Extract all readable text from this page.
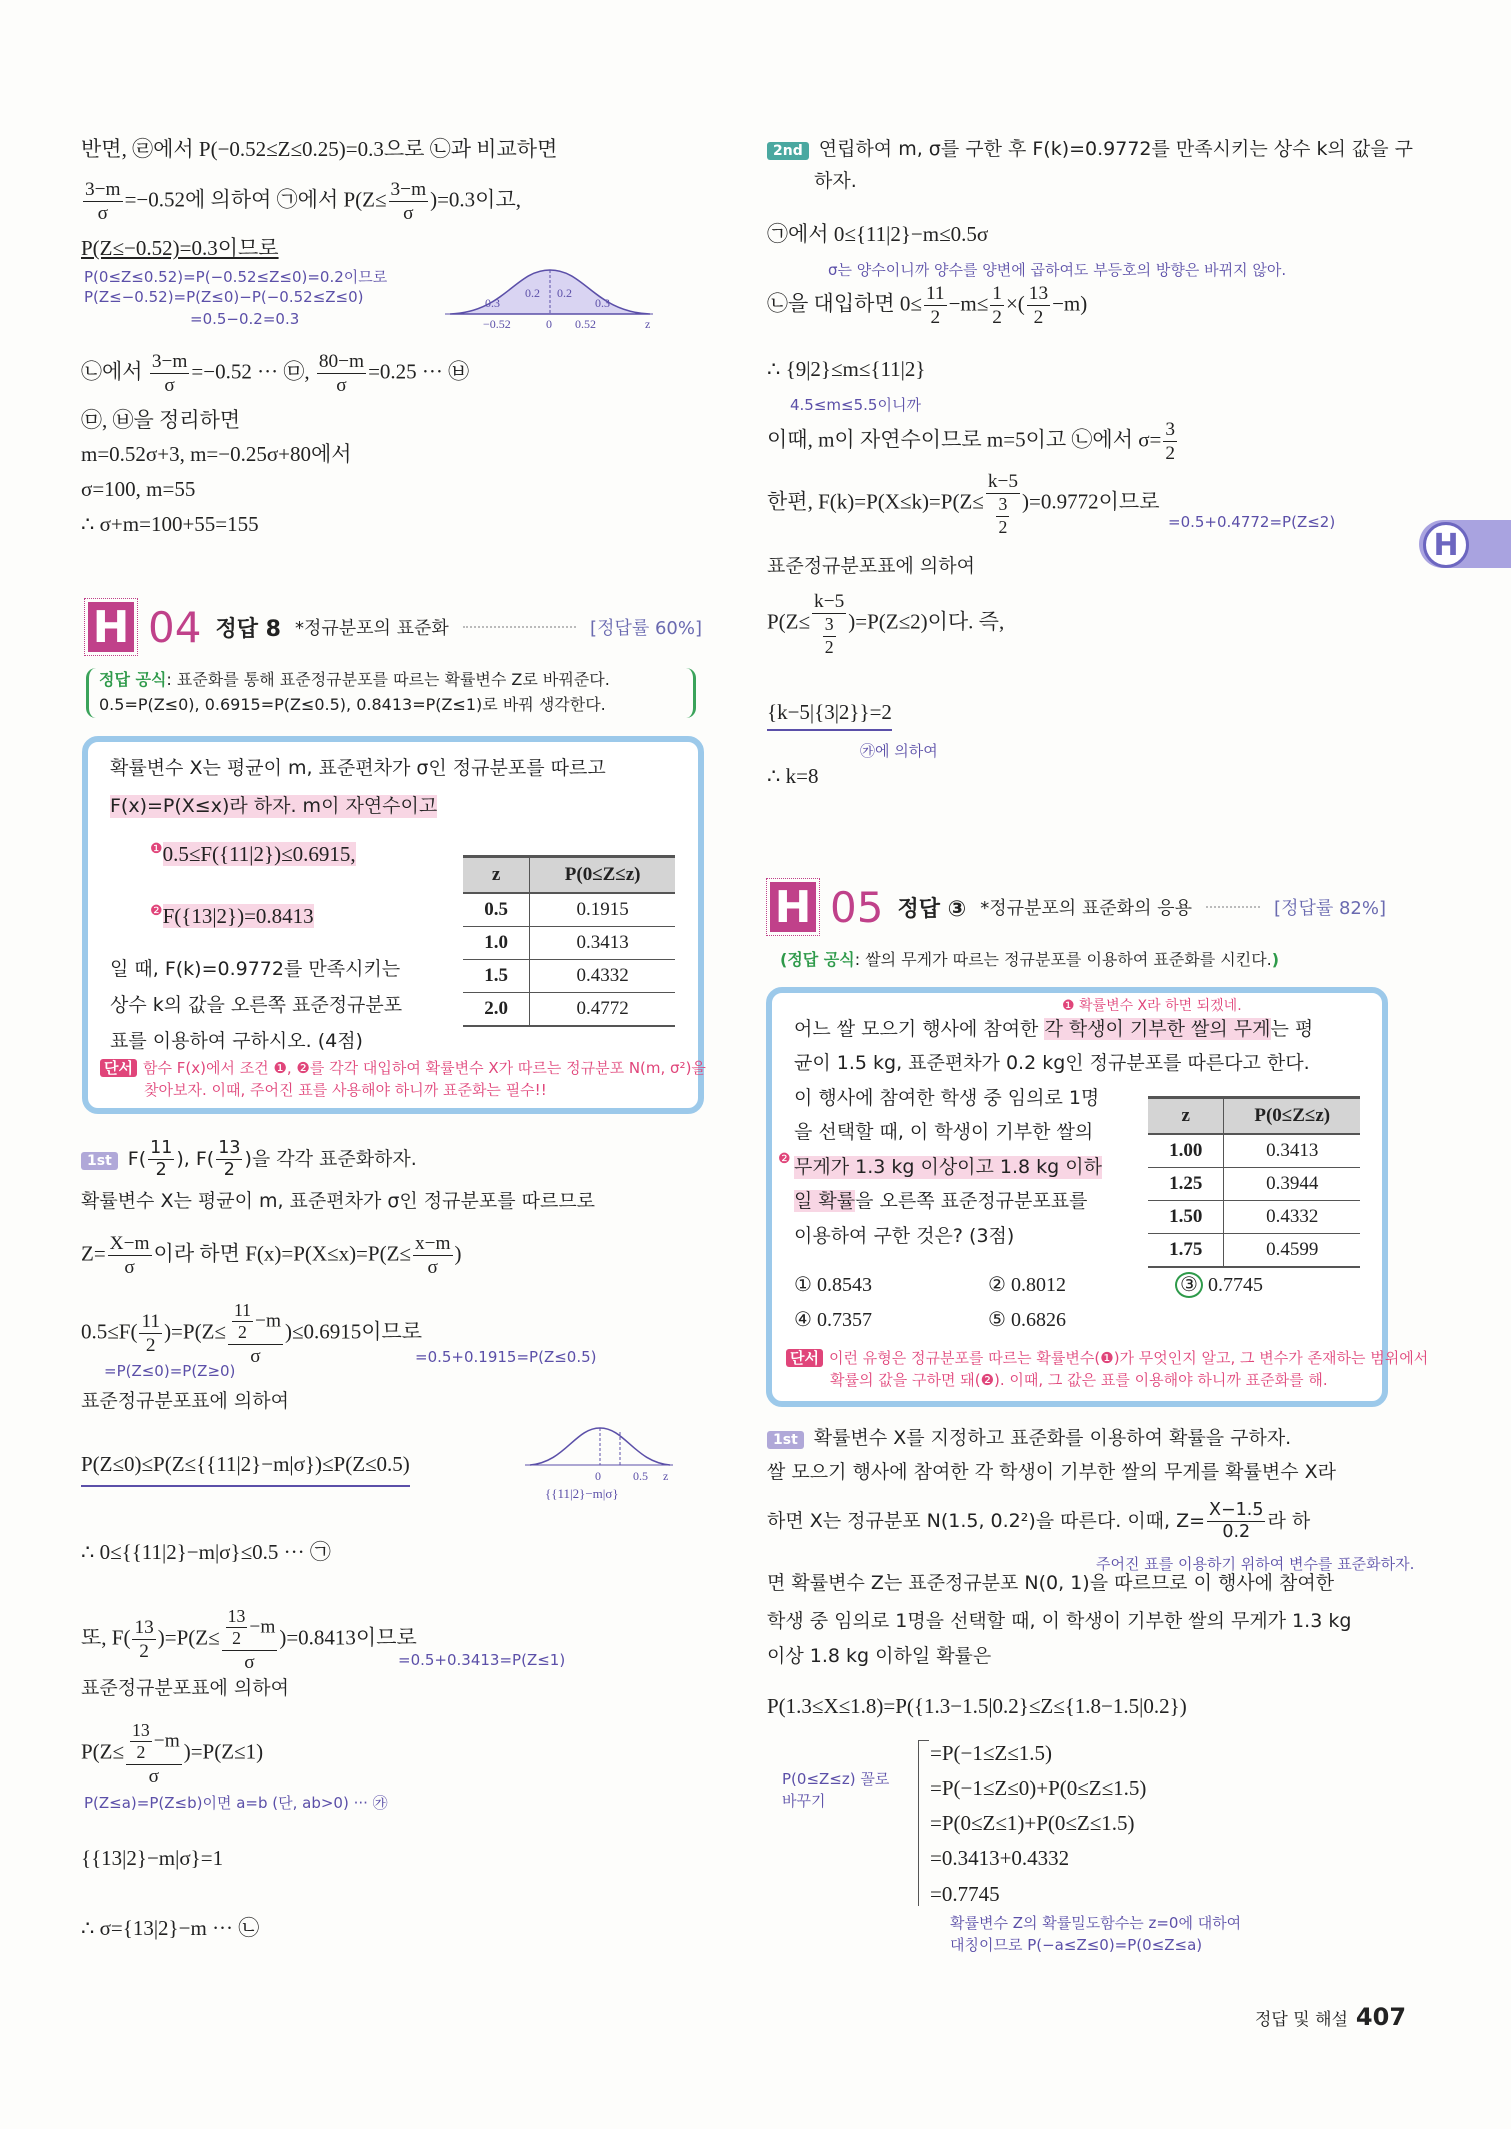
반면, ㉣에서 P(−0.52≤Z≤0.25)=0.3으로 ㉡과 비교하면
$\frac{3-m}{\sigma} =-0.52$에 의하여 ㉠에서 $P(Z\le \frac{3-m}{\sigma} )=0.3$이고,
P(Z≤−0.52)=0.3이므로
P(0≤Z≤0.52)=P(−0.52≤Z≤0)=0.2이므로
P(Z≤−0.52)=P(Z≤0)−P(−0.52≤Z≤0)
=0.5−0.2=0.3
0.3
0.2 0.2
0.3
−0.52	0 0.52	z
㉡에서 $\frac{3-m}{\sigma} =-0.52$ ··· ㉤, $\frac{80-m}{\sigma} =0.25$ ··· ㉥
㉤, ㉥을 정리하면
m=0.52σ+3, m=−0.25σ+80에서
σ=100, m=55
∴ σ+m=100+55=155
H 04 정답 8 *정규분포의 표준화	[정답률 60%]
정답 공식: 표준화를 통해 표준정규분포를 따르는 확률변수 Z로 바꿔준다.
0.5=P(Z≤0), 0.6915=P(Z≤0.5), 0.8413=P(Z≤1)로 바꿔 생각한다.
확률변수 X는 평균이 m, 표준편차가 σ인 정규분포를 따르고
F(x)=P(X≤x)라 하자. m이 자연수이고
$^❶$0.5≤F({11|2})≤0.6915,
$^❷$F({13|2})=0.8413
일 때, F(k)=0.9772를 만족시키는
상수 k의 값을 오른쪽 표준정규분포
표를 이용하여 구하시오. (4점)
z	P(0≤Z≤z)
0.5	0.1915
1.0	0.3413
1.5	0.4332
2.0	0.4772
단서 함수 F(x)에서 조건 ❶, ❷를 각각 대입하여 확률변수 X가 따르는 정규분포 N(m, σ²)을
찾아보자. 이때, 주어진 표를 사용해야 하니까 표준화는 필수!!
1st $F( \frac{11}{2}$ ), $F( \frac{13}{2}$ )을 각각 표준화하자.
확률변수 X는 평균이 m, 표준편차가 σ인 정규분포를 따르므로
$Z= \frac{X-m}{\sigma}$ 이라 하면 $F(x)=P(X\le x)=P(Z\le \frac{x-m}{\sigma}$ )
$0.5\le F( \frac{11}{2} )=P(Z\le \frac{\frac{11}{2} -m}{\sigma} )\le 0.6915$이므로
=P(Z≤0)=P(Z≥0)
=0.5+0.1915=P(Z≤0.5)
표준정규분포표에 의하여
P(Z≤0)≤P(Z≤{{11|2}−m|σ})≤P(Z≤0.5)	0	0.5 z
{{11|2}−m|σ}
∴ 0≤{{11|2}−m|σ}≤0.5 ··· ㉠
또, $F( \frac{13}{2} )=P(Z\le \frac{\frac{13}{2} -m}{\sigma} )=0.8413$이므로
=0.5+0.3413=P(Z≤1)
표준정규분포표에 의하여
$P(Z\le \frac{\frac{13}{2} -m}{\sigma} )=P(Z\le 1)$
P(Z≤a)=P(Z≤b)이면 a=b (단, ab>0) ··· ㉮
{{13|2}−m|σ}=1
∴ σ={13|2}−m ··· ㉡
2nd 연립하여 m, σ를 구한 후 F(k)=0.9772를 만족시키는 상수 k의 값을 구
하자.
㉠에서 0≤{11|2}−m≤0.5σ
σ는 양수이니까 양수를 양변에 곱하여도 부등호의 방향은 바뀌지 않아.
㉡을 대입하면 $0\le \frac{11}{2} -m\le \frac{1}{2}$ ×( $\frac{13}{2} -m$)
∴ {9|2}≤m≤{11|2}
4.5≤m≤5.5이니까
이때, m이 자연수이므로 m=5이고 ㉡에서 $\sigma= \frac{3}{2}$
한편, $F(k)=P(X\le k)=P(Z\le \frac{k-5}{\frac{3}{2}} )=0.9772$이므로
=0.5+0.4772=P(Z≤2)
표준정규분포표에 의하여
$P(Z\le \frac{k-5}{\frac{3}{2}} )=P(Z\le 2)$이다. 즉,
{k−5|{3|2}}=2
㉮에 의하여
∴ k=8
H 05 정답 ③ *정규분포의 표준화의 응용	[정답률 82%]
(정답 공식: 쌀의 무게가 따르는 정규분포를 이용하여 표준화를 시킨다.)
❶ 확률변수 X라 하면 되겠네.
어느 쌀 모으기 행사에 참여한 각 학생이 기부한 쌀의 무게는 평
균이 1.5 kg, 표준편차가 0.2 kg인 정규분포를 따른다고 한다.
이 행사에 참여한 학생 중 임의로 1명
을 선택할 때, 이 학생이 기부한 쌀의
❷ 무게가 1.3 kg 이상이고 1.8 kg 이하
일 확률을 오른쪽 표준정규분포표를
이용하여 구한 것은? (3점)
z	P(0≤Z≤z)
1.00	0.3413
1.25	0.3944
1.50	0.4332
1.75	0.4599
① 0.8543	② 0.8012	③ 0.7745
④ 0.7357	⑤ 0.6826
단서 이런 유형은 정규분포를 따르는 확률변수(❶)가 무엇인지 알고, 그 변수가 존재하는 범위에서
확률의 값을 구하면 돼(❷). 이때, 그 값은 표를 이용해야 하니까 표준화를 해.
1st 확률변수 X를 지정하고 표준화를 이용하여 확률을 구하자.
쌀 모으기 행사에 참여한 각 학생이 기부한 쌀의 무게를 확률변수 X라
하면 X는 정규분포 N(1.5, 0.2²)을 따른다. 이때, $Z= \frac{X-1.5}{0.2}$ 라 하
주어진 표를 이용하기 위하여 변수를 표준화하자.
면 확률변수 Z는 표준정규분포 N(0, 1)을 따르므로 이 행사에 참여한
학생 중 임의로 1명을 선택할 때, 이 학생이 기부한 쌀의 무게가 1.3 kg
이상 1.8 kg 이하일 확률은
P(1.3≤X≤1.8)=P({1.3−1.5|0.2}≤Z≤{1.8−1.5|0.2})
=P(−1≤Z≤1.5)
=P(−1≤Z≤0)+P(0≤Z≤1.5)
=P(0≤Z≤1)+P(0≤Z≤1.5)
=0.3413+0.4332
=0.7745
P(0≤Z≤z) 꼴로
바꾸기
확률변수 Z의 확률밀도함수는 z=0에 대하여
대칭이므로 P(−a≤Z≤0)=P(0≤Z≤a)
H
정답 및 해설 407
